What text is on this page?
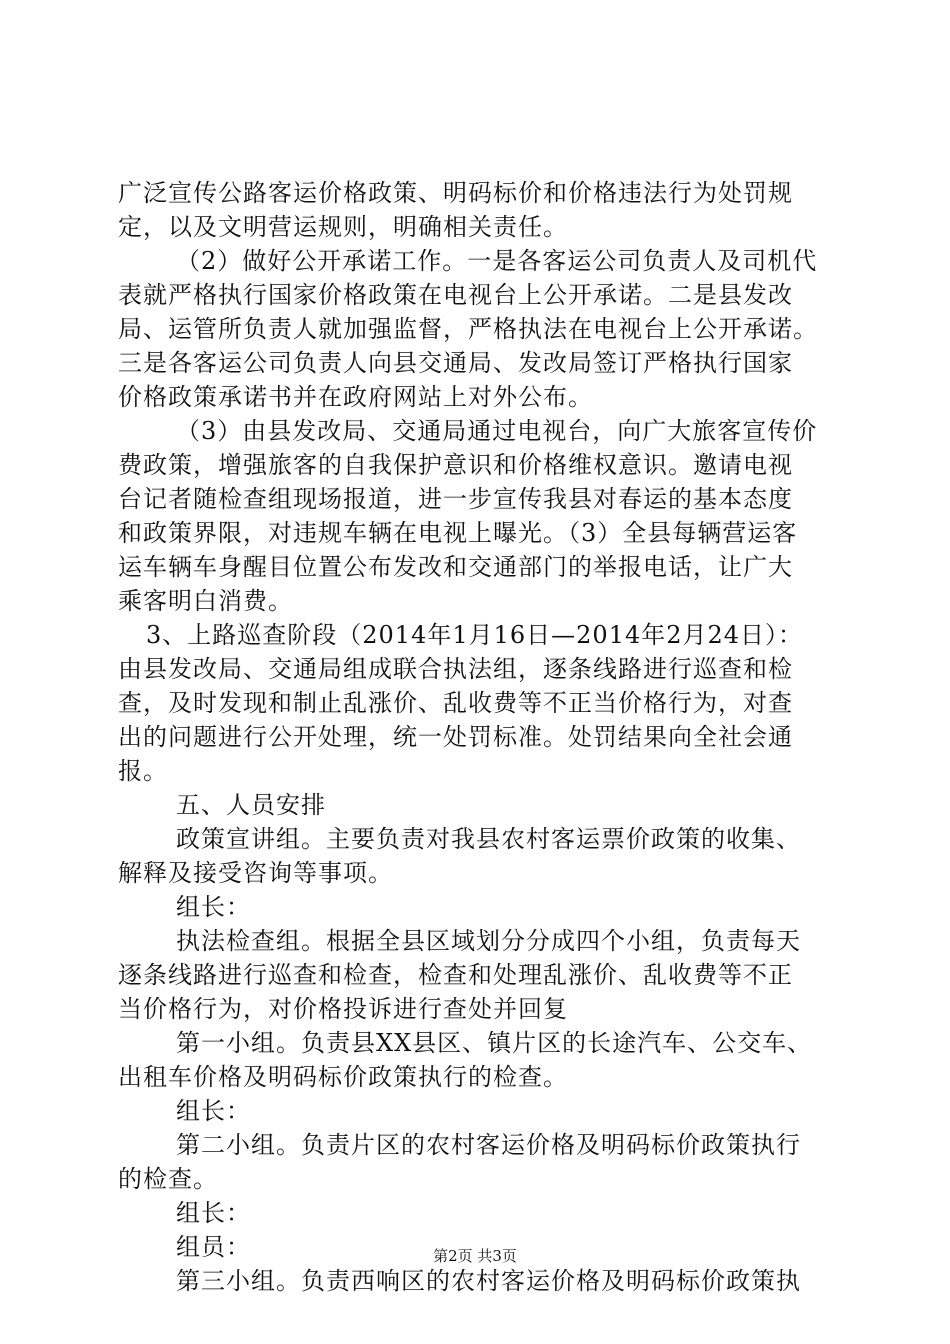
广泛宣传公路客运价格政策、明码标价和价格违法行为处罚规
定，以及文明营运规则，明确相关责任。
（2）做好公开承诺工作。一是各客运公司负责人及司机代
表就严格执行国家价格政策在电视台上公开承诺。二是县发改
局、运管所负责人就加强监督，严格执法在电视台上公开承诺。
三是各客运公司负责人向县交通局、发改局签订严格执行国家
价格政策承诺书并在政府网站上对外公布。
（3）由县发改局、交通局通过电视台，向广大旅客宣传价
费政策，增强旅客的自我保护意识和价格维权意识。邀请电视
台记者随检查组现场报道，进一步宣传我县对春运的基本态度
和政策界限，对违规车辆在电视上曝光。（3）全县每辆营运客
运车辆车身醒目位置公布发改和交通部门的举报电话，让广大
乘客明白消费。
3、上路巡查阶段（2014年1月16日—2014年2月24日）：
由县发改局、交通局组成联合执法组，逐条线路进行巡查和检
查，及时发现和制止乱涨价、乱收费等不正当价格行为，对查
出的问题进行公开处理，统一处罚标准。处罚结果向全社会通
报。
五、人员安排
政策宣讲组。主要负责对我县农村客运票价政策的收集、
解释及接受咨询等事项。
组长：
执法检查组。根据全县区域划分分成四个小组，负责每天
逐条线路进行巡查和检查，检查和处理乱涨价、乱收费等不正
当价格行为，对价格投诉进行查处并回复
第一小组。负责县XX县区、镇片区的长途汽车、公交车、
出租车价格及明码标价政策执行的检查。
组长：
第二小组。负责片区的农村客运价格及明码标价政策执行
的检查。
组长：
组员：
第三小组。负责西响区的农村客运价格及明码标价政策执
第2页 共3页
